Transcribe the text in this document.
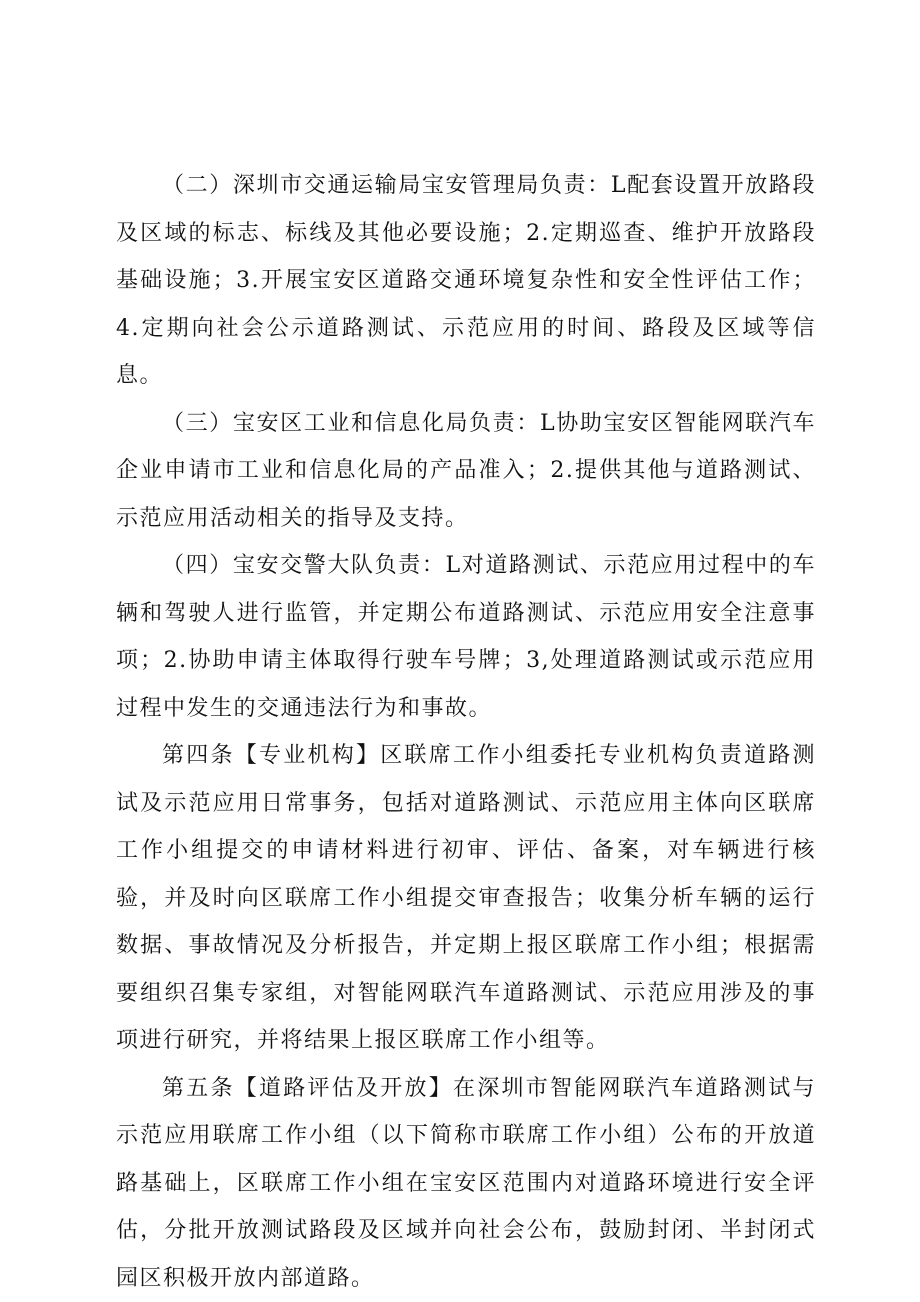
（二）深圳市交通运输局宝安管理局负责：L配套设置开放路段及区域的标志、标线及其他必要设施；2.定期巡查、维护开放路段基础设施；3.开展宝安区道路交通环境复杂性和安全性评估工作；4.定期向社会公示道路测试、示范应用的时间、路段及区域等信息。

（三）宝安区工业和信息化局负责：L协助宝安区智能网联汽车企业申请市工业和信息化局的产品准入；2.提供其他与道路测试、示范应用活动相关的指导及支持。

（四）宝安交警大队负责：L对道路测试、示范应用过程中的车辆和驾驶人进行监管，并定期公布道路测试、示范应用安全注意事项；2.协助申请主体取得行驶车号牌；3,处理道路测试或示范应用过程中发生的交通违法行为和事故。

第四条【专业机构】区联席工作小组委托专业机构负责道路测试及示范应用日常事务，包括对道路测试、示范应用主体向区联席工作小组提交的申请材料进行初审、评估、备案，对车辆进行核验，并及时向区联席工作小组提交审查报告；收集分析车辆的运行数据、事故情况及分析报告，并定期上报区联席工作小组；根据需要组织召集专家组，对智能网联汽车道路测试、示范应用涉及的事项进行研究，并将结果上报区联席工作小组等。

第五条【道路评估及开放】在深圳市智能网联汽车道路测试与示范应用联席工作小组（以下简称市联席工作小组）公布的开放道路基础上，区联席工作小组在宝安区范围内对道路环境进行安全评估，分批开放测试路段及区域并向社会公布，鼓励封闭、半封闭式园区积极开放内部道路。
